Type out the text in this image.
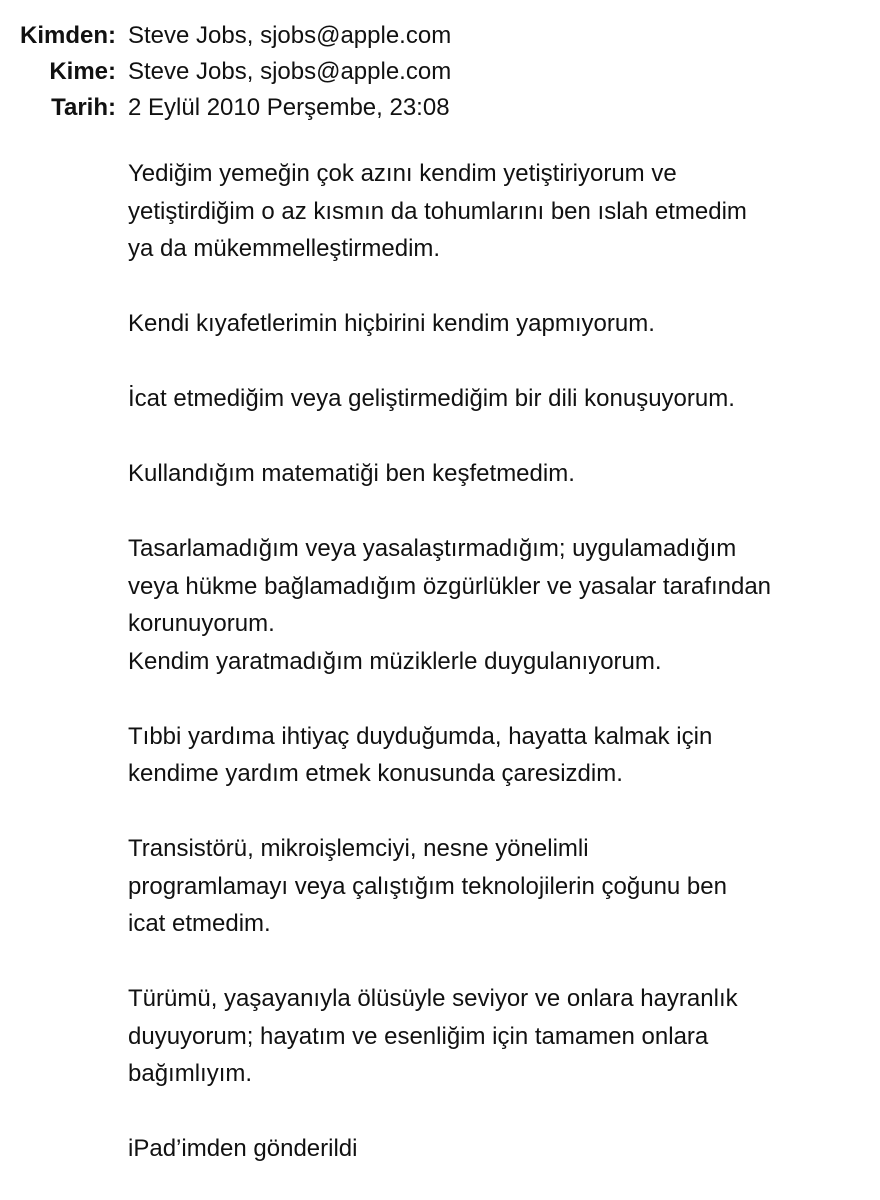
Kimden: Steve Jobs, sjobs@apple.com
Kime: Steve Jobs, sjobs@apple.com
Tarih: 2 Eylül 2010 Perşembe, 23:08
Yediğim yemeğin çok azını kendim yetiştiriyorum ve
yetiştirdiğim o az kısmın da tohumlarını ben ıslah etmedim
ya da mükemmelleştirmedim.
Kendi kıyafetlerimin hiçbirini kendim yapmıyorum.
İcat etmediğim veya geliştirmediğim bir dili konuşuyorum.
Kullandığım matematiği ben keşfetmedim.
Tasarlamadığım veya yasalaştırmadığım; uygulamadığım
veya hükme bağlamadığım özgürlükler ve yasalar tarafından
korunuyorum.
Kendim yaratmadığım müziklerle duygulanıyorum.
Tıbbi yardıma ihtiyaç duyduğumda, hayatta kalmak için
kendime yardım etmek konusunda çaresizdim.
Transistörü, mikroişlemciyi, nesne yönelimli
programlamayı veya çalıştığım teknolojilerin çoğunu ben
icat etmedim.
Türümü, yaşayanıyla ölüsüyle seviyor ve onlara hayranlık
duyuyorum; hayatım ve esenliğim için tamamen onlara
bağımlıyım.
iPad’imden gönderildi
